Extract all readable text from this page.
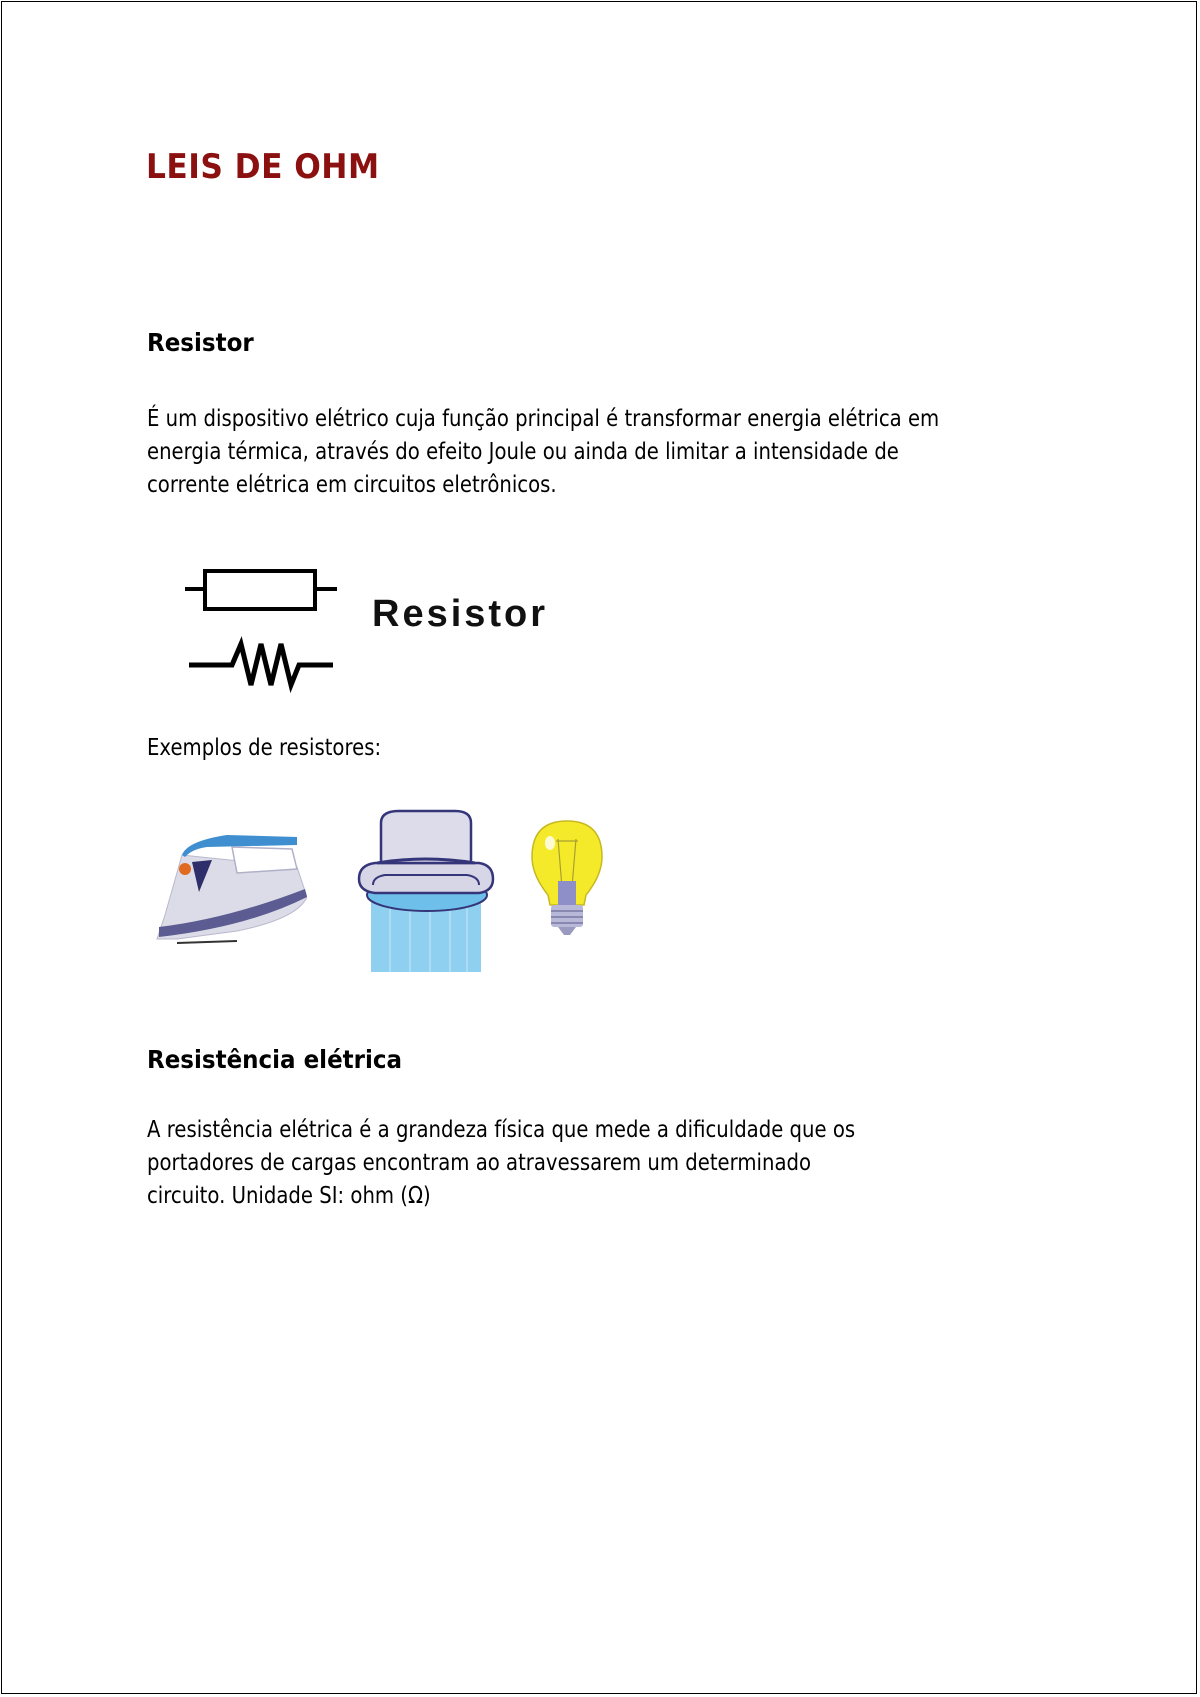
LEIS DE OHM
Resistor
É um dispositivo elétrico cuja função principal é transformar energia elétrica em
energia térmica, através do efeito Joule ou ainda de limitar a intensidade de
corrente elétrica em circuitos eletrônicos.
Resistor
Exemplos de resistores:
Resistência elétrica
A resistência elétrica é a grandeza física que mede a dificuldade que os
portadores de cargas encontram ao atravessarem um determinado
circuito. Unidade SI: ohm (Ω)
